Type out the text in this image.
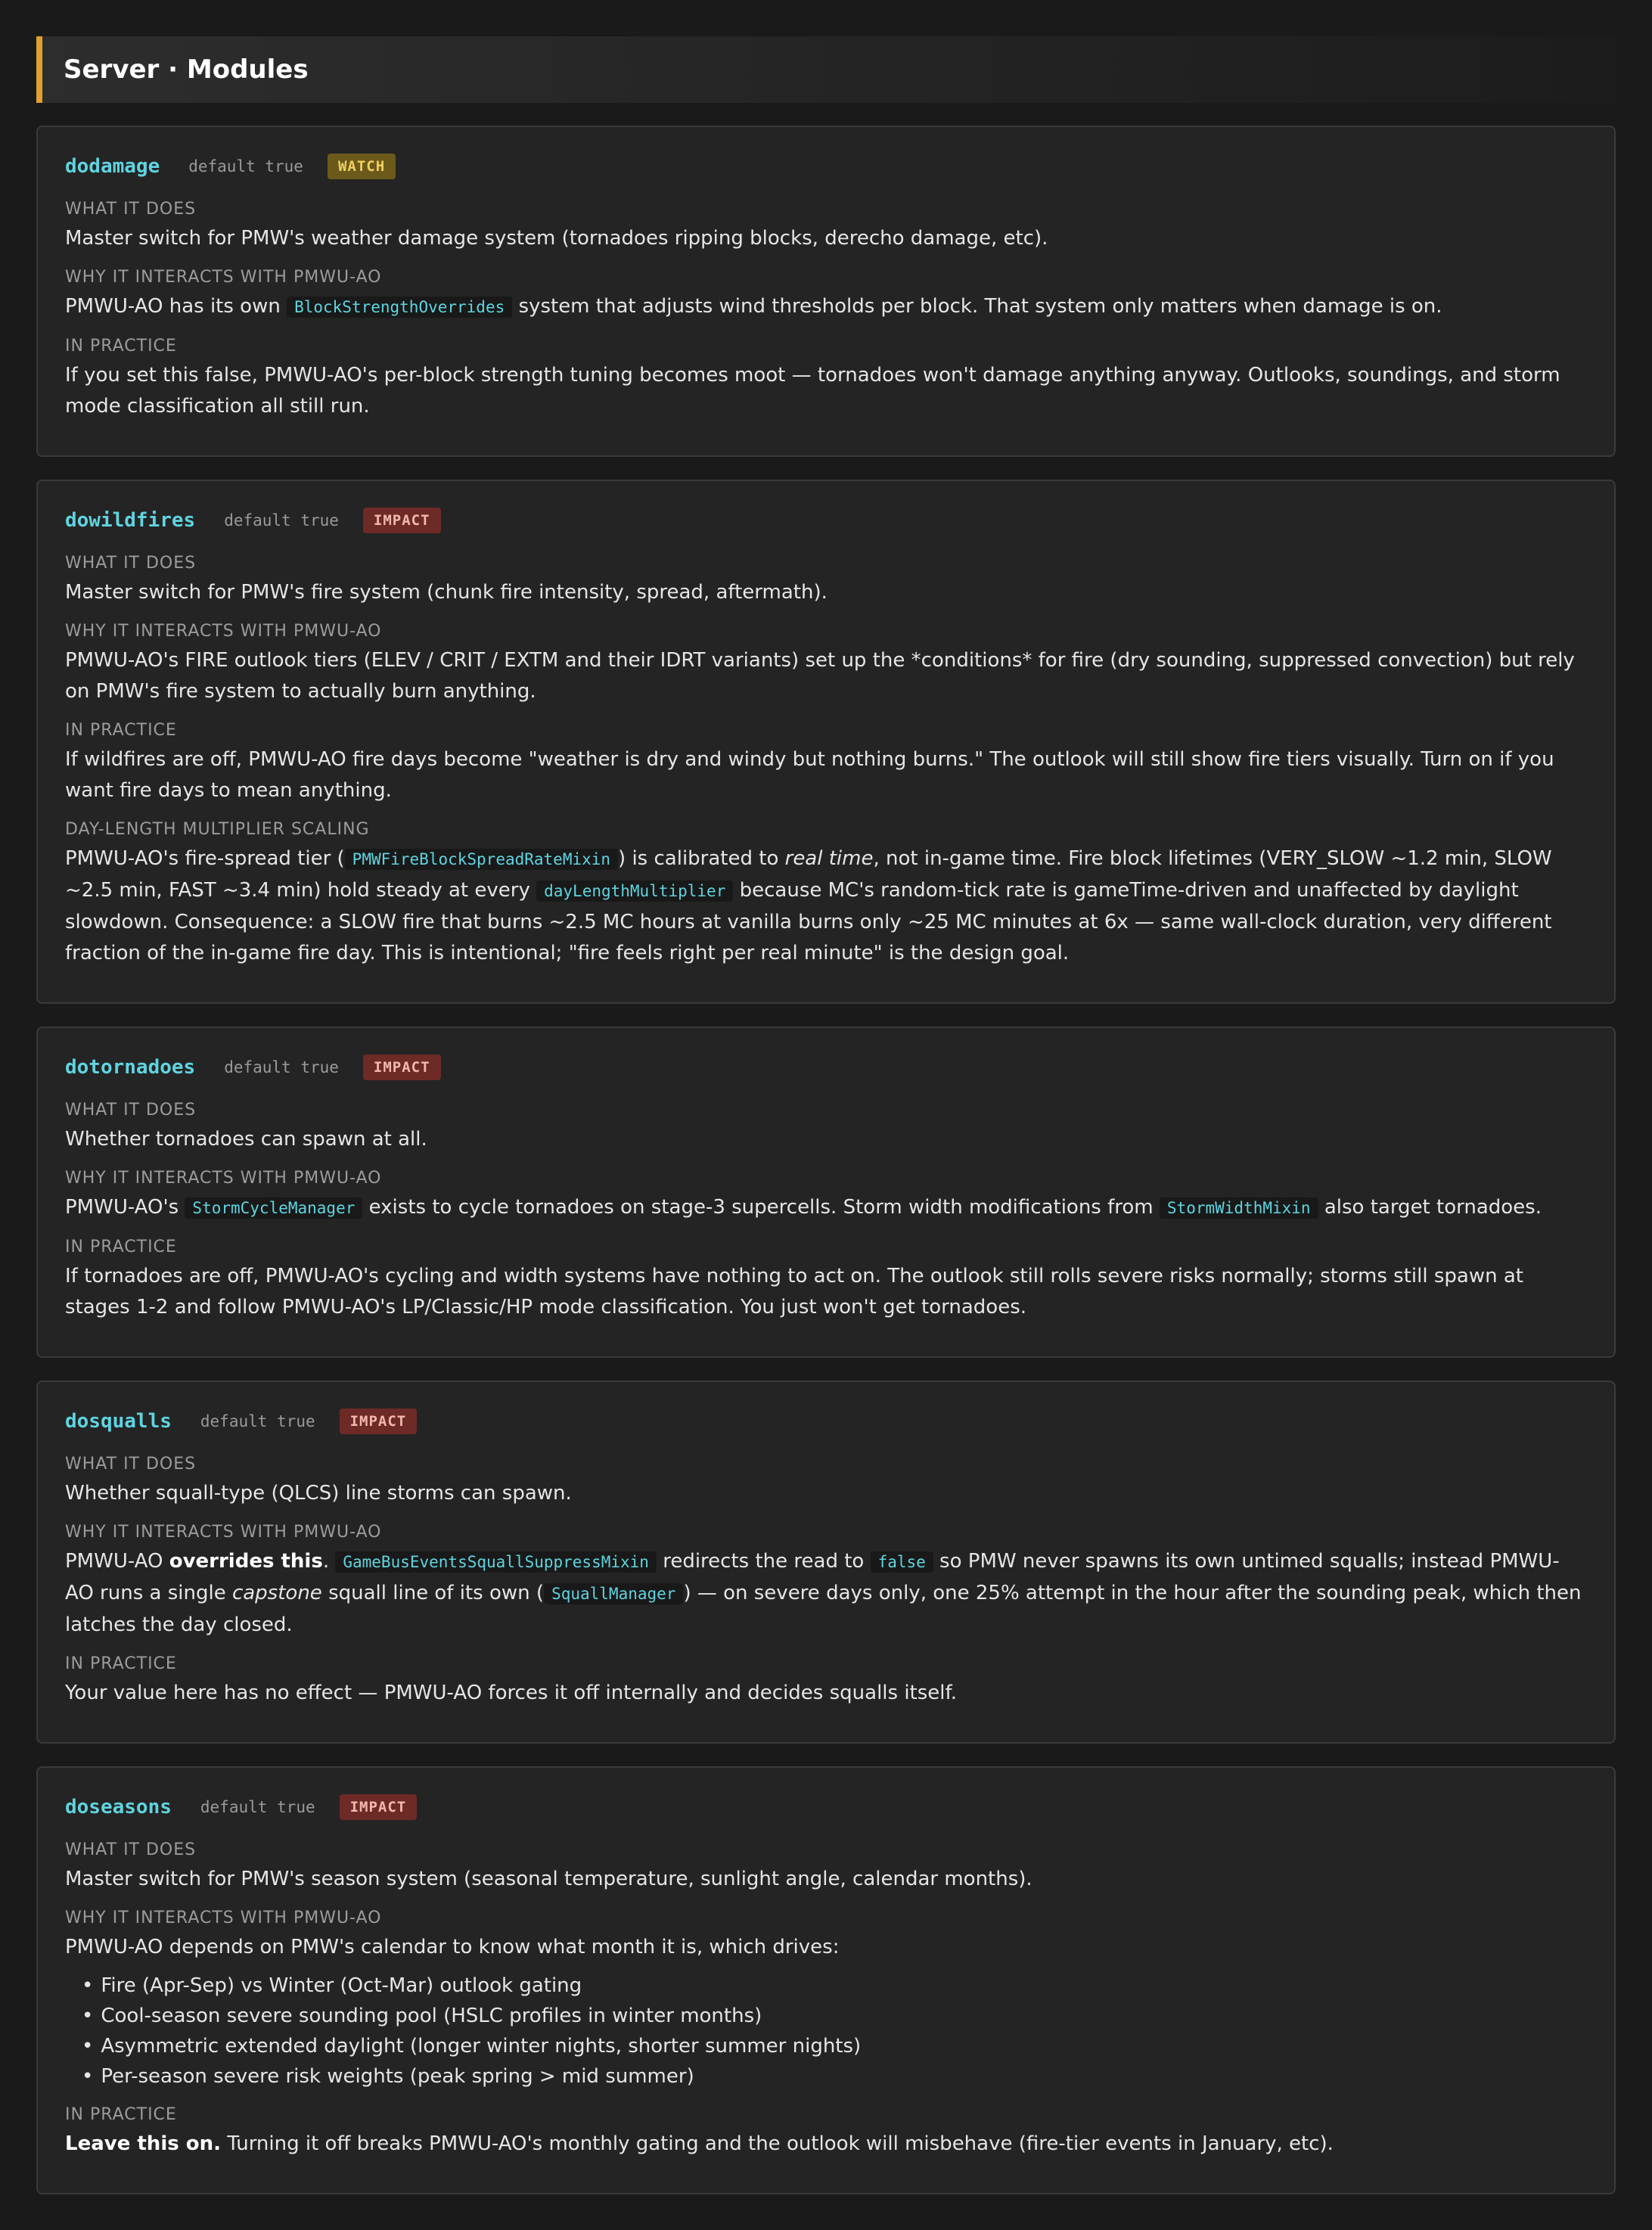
Server · Modules
dodamage default true	WATCH
WHAT IT DOES
Master switch for PMW's weather damage system (tornadoes ripping blocks, derecho damage, etc).
WHY IT INTERACTS WITH PMWU-AO
PMWU-AO has its own BlockStrengthOverrides system that adjusts wind thresholds per block. That system only matters when damage is on.
IN PRACTICE
If you set this false, PMWU-AO's per-block strength tuning becomes moot — tornadoes won't damage anything anyway. Outlooks, soundings, and storm mode classification all still run.
dowildfires default true	IMPACT
WHAT IT DOES
Master switch for PMW's fire system (chunk fire intensity, spread, aftermath).
WHY IT INTERACTS WITH PMWU-AO
PMWU-AO's FIRE outlook tiers (ELEV / CRIT / EXTM and their IDRT variants) set up the *conditions* for fire (dry sounding, suppressed convection) but rely on PMW's fire system to actually burn anything.
IN PRACTICE
If wildfires are off, PMWU-AO fire days become "weather is dry and windy but nothing burns." The outlook will still show fire tiers visually. Turn on if you want fire days to mean anything.
DAY-LENGTH MULTIPLIER SCALING
PMWU-AO's fire-spread tier ( PMWFireBlockSpreadRateMixin ) is calibrated to real time, not in-game time. Fire block lifetimes (VERY_SLOW ~1.2 min, SLOW ~2.5 min, FAST ~3.4 min) hold steady at every dayLengthMultiplier because MC's random-tick rate is gameTime-driven and unaffected by daylight slowdown. Consequence: a SLOW fire that burns ~2.5 MC hours at vanilla burns only ~25 MC minutes at 6x — same wall-clock duration, very different fraction of the in-game fire day. This is intentional; "fire feels right per real minute" is the design goal.
dotornadoes default true	IMPACT
WHAT IT DOES
Whether tornadoes can spawn at all.
WHY IT INTERACTS WITH PMWU-AO
PMWU-AO's StormCycleManager exists to cycle tornadoes on stage-3 supercells. Storm width modifications from StormWidthMixin also target tornadoes.
IN PRACTICE
If tornadoes are off, PMWU-AO's cycling and width systems have nothing to act on. The outlook still rolls severe risks normally; storms still spawn at stages 1-2 and follow PMWU-AO's LP/Classic/HP mode classification. You just won't get tornadoes.
dosqualls default true	IMPACT
WHAT IT DOES
Whether squall-type (QLCS) line storms can spawn.
WHY IT INTERACTS WITH PMWU-AO
PMWU-AO overrides this. GameBusEventsSquallSuppressMixin redirects the read to false so PMW never spawns its own untimed squalls; instead PMWU-AO runs a single capstone squall line of its own ( SquallManager ) — on severe days only, one 25% attempt in the hour after the sounding peak, which then latches the day closed.
IN PRACTICE
Your value here has no effect — PMWU-AO forces it off internally and decides squalls itself.
doseasons default true	IMPACT
WHAT IT DOES
Master switch for PMW's season system (seasonal temperature, sunlight angle, calendar months).
WHY IT INTERACTS WITH PMWU-AO
PMWU-AO depends on PMW's calendar to know what month it is, which drives:
• Fire (Apr-Sep) vs Winter (Oct-Mar) outlook gating
• Cool-season severe sounding pool (HSLC profiles in winter months)
• Asymmetric extended daylight (longer winter nights, shorter summer nights)
• Per-season severe risk weights (peak spring > mid summer)
IN PRACTICE
Leave this on. Turning it off breaks PMWU-AO's monthly gating and the outlook will misbehave (fire-tier events in January, etc).
